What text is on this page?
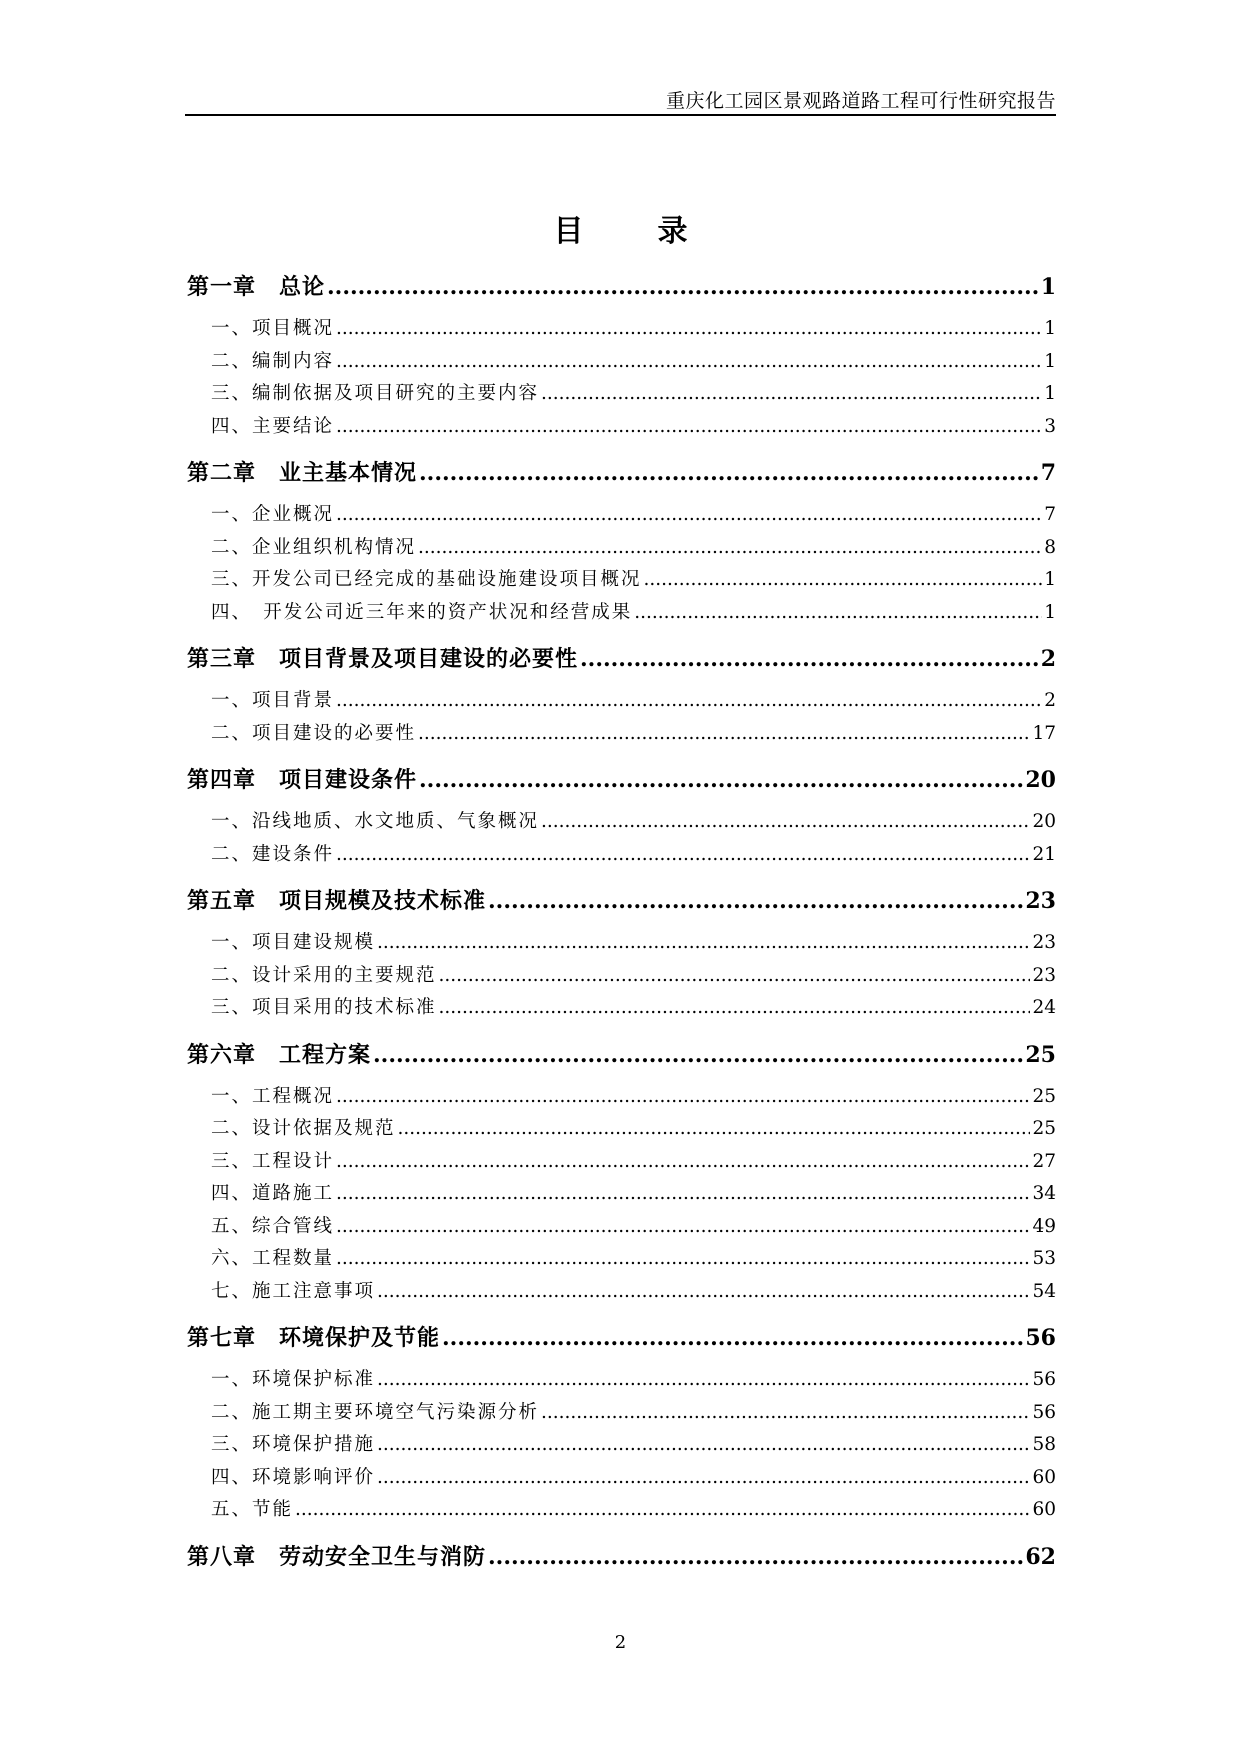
重庆化工园区景观路道路工程可行性研究报告
目　录
第一章　总论 .....	1
一、项目概况 .....	1
二、编制内容 .....	1
三、编制依据及项目研究的主要内容 .....	1
四、主要结论 .....	3
第二章　业主基本情况 .....	7
一、企业概况 .....	7
二、企业组织机构情况 .....	8
三、开发公司已经完成的基础设施建设项目概况 .....	1
四、　开发公司近三年来的资产状况和经营成果 .....	1
第三章　项目背景及项目建设的必要性 .....	2
一、项目背景 .....	2
二、项目建设的必要性 .....	17
第四章　项目建设条件 .....	20
一、沿线地质、水文地质、气象概况 .....	20
二、建设条件 .....	21
第五章　项目规模及技术标准 .....	23
一、项目建设规模 .....	23
二、设计采用的主要规范 .....	23
三、项目采用的技术标准 .....	24
第六章　工程方案 .....	25
一、工程概况 .....	25
二、设计依据及规范 .....	25
三、工程设计 .....	27
四、道路施工 .....	34
五、综合管线 .....	49
六、工程数量 .....	53
七、施工注意事项 .....	54
第七章　环境保护及节能 .....	56
一、环境保护标准 .....	56
二、施工期主要环境空气污染源分析 .....	56
三、环境保护措施 .....	58
四、环境影响评价 .....	60
五、节能 .....	60
第八章　劳动安全卫生与消防 .....	62
2
